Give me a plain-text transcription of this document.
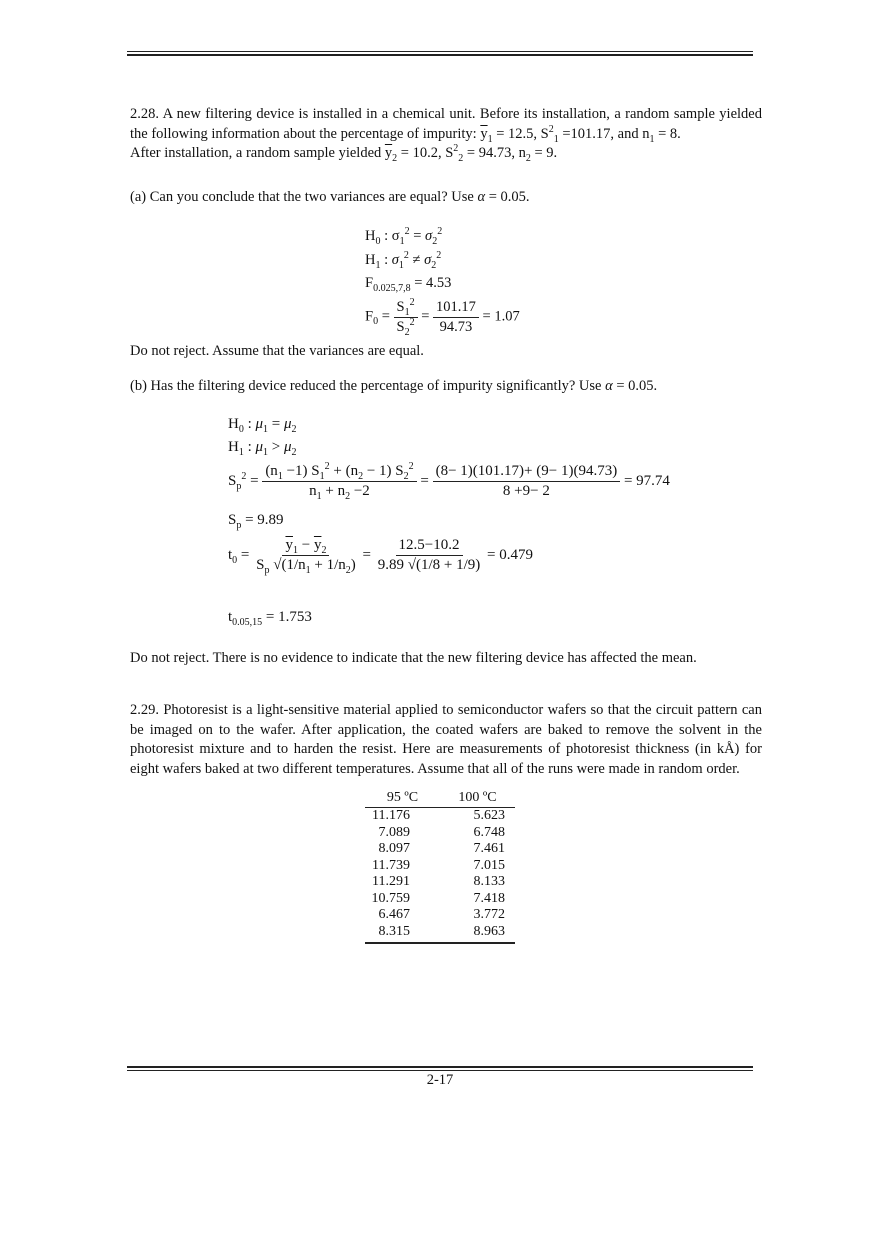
2.28. A new filtering device is installed in a chemical unit. Before its installation, a random sample yielded the following information about the percentage of impurity: $\overline{y}_1 = 12.5$, $S^2_1 =101.17$, and $n_1 = 8$.
After installation, a random sample yielded $\overline{y}_2 = 10.2$, $S^2_2 = 94.73$, $n_2 = 9$.
(a) Can you conclude that the two variances are equal? Use α = 0.05.
$H_0$ : $\sigma_1^2 = \sigma_2^2$
$H_1$ : $\sigma_1^2 \ne \sigma_2^2$
$F_{0.025,7,8} = 4.53$
$F_0 = \frac{S_1^2}{S_2^2} = \frac{101.17}{94.73} = 1.07$
Do not reject. Assume that the variances are equal.
(b) Has the filtering device reduced the percentage of impurity significantly? Use α = 0.05.
$H_0$ : $\mu_1 = \mu_2$
$H_1$ : $\mu_1 > \mu_2$
$S_p^2 = \frac{(n_1 -1) S_1^2 + (n_2 - 1) S_2^2}{n_1 + n_2 -2} = \frac{(8- 1)(101.17)+ (9- 1)(94.73)}{8 +9- 2} = 97.74$
$S_p = 9.89$
$t_0 = \frac{\overline{y}_1 - \overline{y}_2}{S_p √(1/n_1 + 1/n_2)} = \frac{12.5-10.2}{9.89 √(1/8 + 1/9)} = 0.479$
$t_{0.05,15} = 1.753$
Do not reject. There is no evidence to indicate that the new filtering device has affected the mean.
2.29. Photoresist is a light-sensitive material applied to semiconductor wafers so that the circuit pattern can be imaged on to the wafer. After application, the coated wafers are baked to remove the solvent in the photoresist mixture and to harden the resist. Here are measurements of photoresist thickness (in kÅ) for eight wafers baked at two different temperatures. Assume that all of the runs were made in random order.
95 ºC	100 ºC
11.176	5.623
7.089	6.748
8.097	7.461
11.739	7.015
11.291	8.133
10.759	7.418
6.467	3.772
8.315	8.963
2-17
